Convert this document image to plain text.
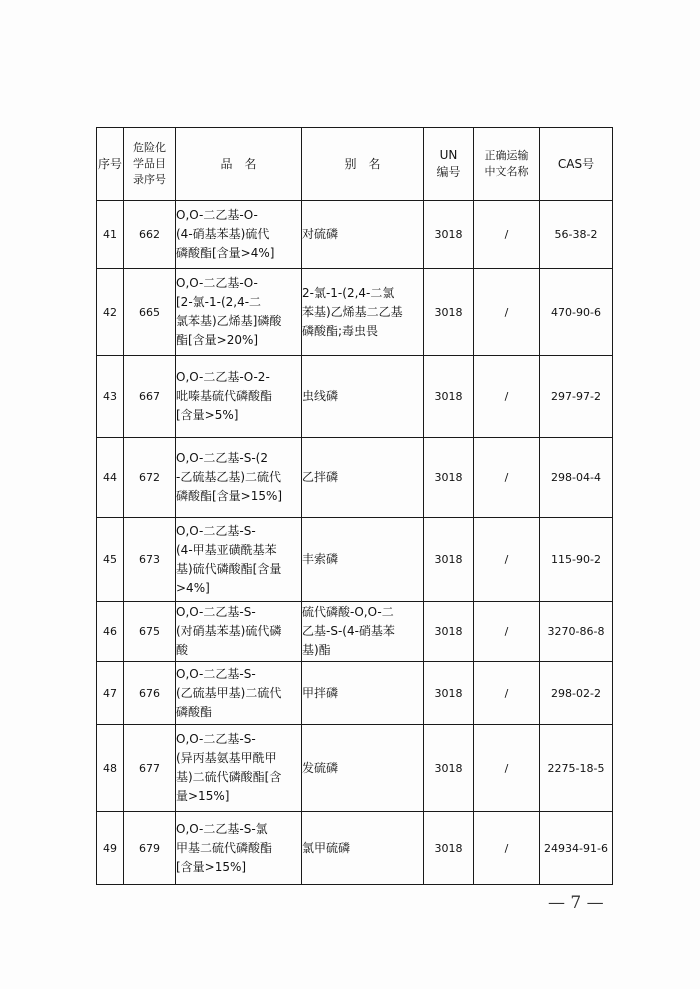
序号	危险化
学品目
录序号	品　名	别　名	UN
编号	正确运输
中文名称	CAS号
41	662	O,O-二乙基-O-
(4-硝基苯基)硫代
磷酸酯[含量>4%]	对硫磷	3018	/	56-38-2
42	665	O,O-二乙基-O-
[2-氯-1-(2,4-二
氯苯基)乙烯基]磷酸
酯[含量>20%]	2-氯-1-(2,4-二氯
苯基)乙烯基二乙基
磷酸酯;毒虫畏	3018	/	470-90-6
43	667	O,O-二乙基-O-2-
吡嗪基硫代磷酸酯
[含量>5%]	虫线磷	3018	/	297-97-2
44	672	O,O-二乙基-S-(2
-乙硫基乙基)二硫代
磷酸酯[含量>15%]	乙拌磷	3018	/	298-04-4
45	673	O,O-二乙基-S-
(4-甲基亚磺酰基苯
基)硫代磷酸酯[含量
>4%]	丰索磷	3018	/	115-90-2
46	675	O,O-二乙基-S-
(对硝基苯基)硫代磷
酸	硫代磷酸-O,O-二
乙基-S-(4-硝基苯
基)酯	3018	/	3270-86-8
47	676	O,O-二乙基-S-
(乙硫基甲基)二硫代
磷酸酯	甲拌磷	3018	/	298-02-2
48	677	O,O-二乙基-S-
(异丙基氨基甲酰甲
基)二硫代磷酸酯[含
量>15%]	发硫磷	3018	/	2275-18-5
49	679	O,O-二乙基-S-氯
甲基二硫代磷酸酯
[含量>15%]	氯甲硫磷	3018	/	24934-91-6
— 7 —
